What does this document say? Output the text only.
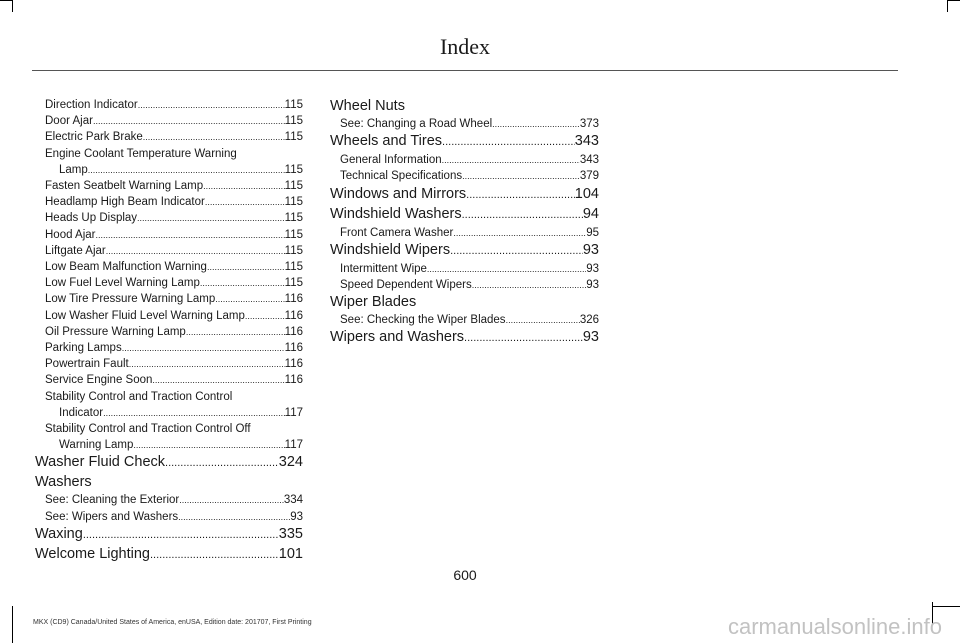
Index
Direction Indicator .....	115
Door Ajar .....	115
Electric Park Brake .....	115
Engine Coolant Temperature Warning
Lamp .....	115
Fasten Seatbelt Warning Lamp .....	115
Headlamp High Beam Indicator .....	115
Heads Up Display .....	115
Hood Ajar .....	115
Liftgate Ajar .....	115
Low Beam Malfunction Warning .....	115
Low Fuel Level Warning Lamp .....	115
Low Tire Pressure Warning Lamp .....	116
Low Washer Fluid Level Warning Lamp .....	116
Oil Pressure Warning Lamp .....	116
Parking Lamps .....	116
Powertrain Fault .....	116
Service Engine Soon .....	116
Stability Control and Traction Control
Indicator .....	117
Stability Control and Traction Control Off
Warning Lamp .....	117
Washer Fluid Check .....	324
Washers
See: Cleaning the Exterior .....	334
See: Wipers and Washers .....	93
Waxing .....	335
Welcome Lighting .....	101
Wheel Nuts
See: Changing a Road Wheel .....	373
Wheels and Tires .....	343
General Information .....	343
Technical Specifications .....	379
Windows and Mirrors .....	104
Windshield Washers .....	94
Front Camera Washer .....	95
Windshield Wipers .....	93
Intermittent Wipe .....	93
Speed Dependent Wipers .....	93
Wiper Blades
See: Checking the Wiper Blades .....	326
Wipers and Washers .....	93
600
MKX (CD9) Canada/United States of America, enUSA, Edition date: 201707, First Printing	carmanualsonline.info
